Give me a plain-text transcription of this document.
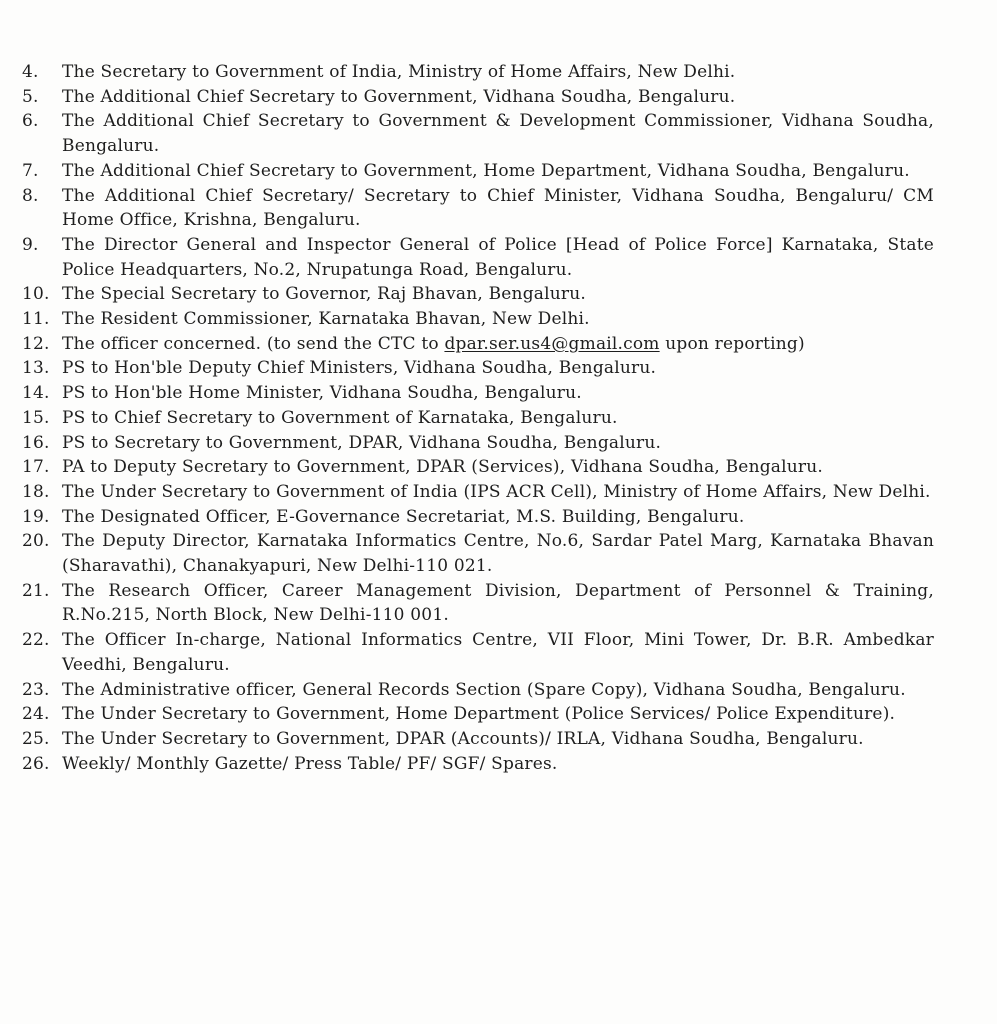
4.	The Secretary to Government of India, Ministry of Home Affairs, New Delhi.
5.	The Additional Chief Secretary to Government, Vidhana Soudha, Bengaluru.
6.	The Additional Chief Secretary to Government & Development Commissioner, Vidhana Soudha, Bengaluru.
7.	The Additional Chief Secretary to Government, Home Department, Vidhana Soudha, Bengaluru.
8.	The Additional Chief Secretary/ Secretary to Chief Minister, Vidhana Soudha, Bengaluru/ CM Home Office, Krishna, Bengaluru.
9.	The Director General and Inspector General of Police [Head of Police Force] Karnataka, State Police Headquarters, No.2, Nrupatunga Road, Bengaluru.
10. The Special Secretary to Governor, Raj Bhavan, Bengaluru.
11. The Resident Commissioner, Karnataka Bhavan, New Delhi.
12. The officer concerned. (to send the CTC to dpar.ser.us4@gmail.com upon reporting)
13. PS to Hon'ble Deputy Chief Ministers, Vidhana Soudha, Bengaluru.
14. PS to Hon'ble Home Minister, Vidhana Soudha, Bengaluru.
15. PS to Chief Secretary to Government of Karnataka, Bengaluru.
16. PS to Secretary to Government, DPAR, Vidhana Soudha, Bengaluru.
17. PA to Deputy Secretary to Government, DPAR (Services), Vidhana Soudha, Bengaluru.
18. The Under Secretary to Government of India (IPS ACR Cell), Ministry of Home Affairs, New Delhi.
19. The Designated Officer, E-Governance Secretariat, M.S. Building, Bengaluru.
20. The Deputy Director, Karnataka Informatics Centre, No.6, Sardar Patel Marg, Karnataka Bhavan (Sharavathi), Chanakyapuri, New Delhi-110 021.
21. The Research Officer, Career Management Division, Department of Personnel & Training, R.No.215, North Block, New Delhi-110 001.
22. The Officer In-charge, National Informatics Centre, VII Floor, Mini Tower, Dr. B.R. Ambedkar Veedhi, Bengaluru.
23. The Administrative officer, General Records Section (Spare Copy), Vidhana Soudha, Bengaluru.
24. The Under Secretary to Government, Home Department (Police Services/ Police Expenditure).
25. The Under Secretary to Government, DPAR (Accounts)/ IRLA, Vidhana Soudha, Bengaluru.
26. Weekly/ Monthly Gazette/ Press Table/ PF/ SGF/ Spares.
